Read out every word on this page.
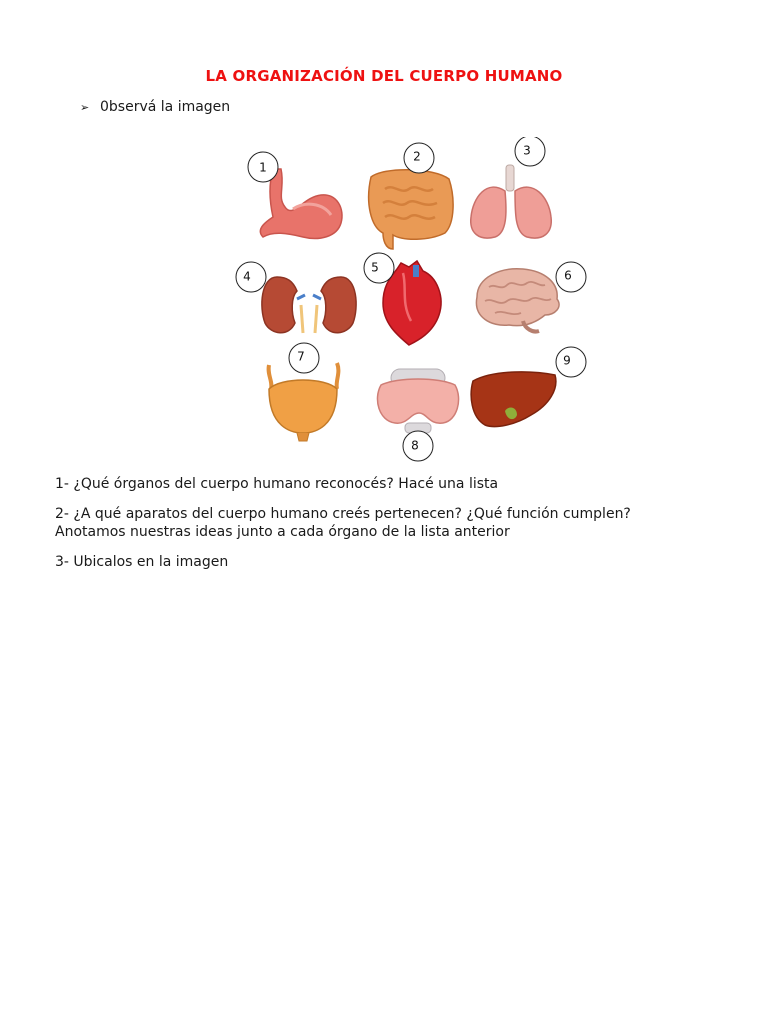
LA ORGANIZACIÓN DEL CUERPO HUMANO
➢ 0bservá la imagen
1
2	3
4
5
6
7
8
9
1- ¿Qué órganos del cuerpo humano reconocés? Hacé una lista
2- ¿A qué aparatos del cuerpo humano creés pertenecen? ¿Qué función cumplen?
Anotamos nuestras ideas junto a cada órgano de la lista anterior
3- Ubicalos en la imagen
